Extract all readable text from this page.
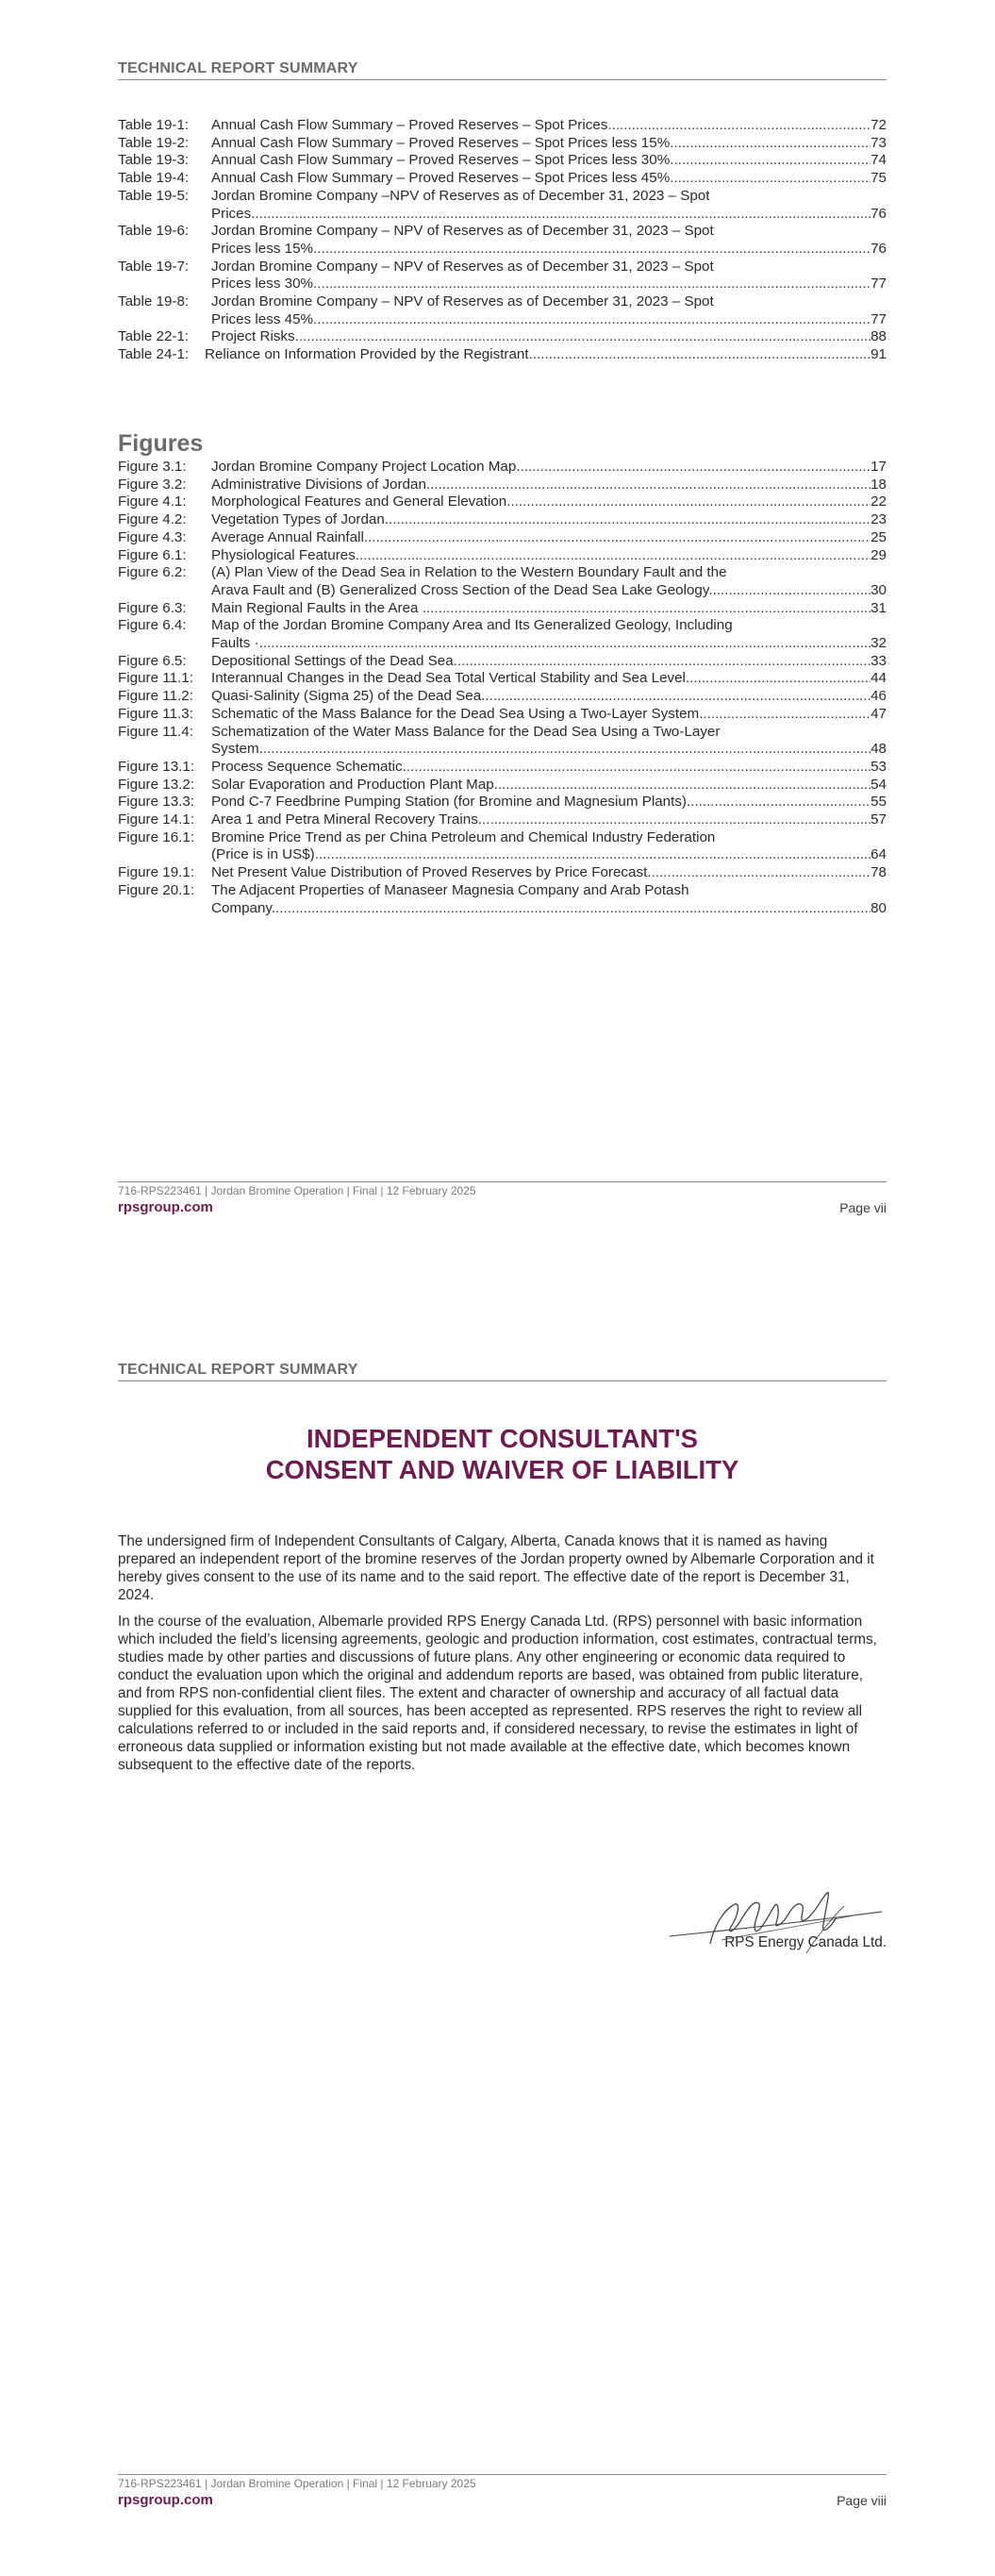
TECHNICAL REPORT SUMMARY
Table 19-1:	Annual Cash Flow Summary – Proved Reserves – Spot Prices .....	72
Table 19-2:	Annual Cash Flow Summary – Proved Reserves – Spot Prices less 15% .....	73
Table 19-3:	Annual Cash Flow Summary – Proved Reserves – Spot Prices less 30% .....	74
Table 19-4:	Annual Cash Flow Summary – Proved Reserves – Spot Prices less 45% .....	75
Table 19-5:	Jordan Bromine Company –NPV of Reserves as of December 31, 2023 – Spot
Prices .....	76
Table 19-6:	Jordan Bromine Company – NPV of Reserves as of December 31, 2023 – Spot
Prices less 15% .....	76
Table 19-7:	Jordan Bromine Company – NPV of Reserves as of December 31, 2023 – Spot
Prices less 30% .....	77
Table 19-8:	Jordan Bromine Company – NPV of Reserves as of December 31, 2023 – Spot
Prices less 45% .....	77
Table 22-1:	Project Risks .....	88
Table 24-1:	Reliance on Information Provided by the Registrant .....	91
Figures
Figure 3.1:	Jordan Bromine Company Project Location Map. .....	17
Figure 3.2:	Administrative Divisions of Jordan. .....	18
Figure 4.1:	Morphological Features and General Elevation. .....	22
Figure 4.2:	Vegetation Types of Jordan. .....	23
Figure 4.3:	Average Annual Rainfall .....	25
Figure 6.1:	Physiological Features. .....	29
Figure 6.2:	(A) Plan View of the Dead Sea in Relation to the Western Boundary Fault and the
Arava Fault and (B) Generalized Cross Section of the Dead Sea Lake Geology. .....	30
Figure 6.3:	Main Regional Faults in the Area . .....	31
Figure 6.4:	Map of the Jordan Bromine Company Area and Its Generalized Geology, Including
Faults ·. .....	32
Figure 6.5:	Depositional Settings of the Dead Sea .....	33
Figure 11.1:	Interannual Changes in the Dead Sea Total Vertical Stability and Sea Level .....	44
Figure 11.2:	Quasi-Salinity (Sigma 25) of the Dead Sea. .....	46
Figure 11.3:	Schematic of the Mass Balance for the Dead Sea Using a Two-Layer System. .....	47
Figure 11.4:	Schematization of the Water Mass Balance for the Dead Sea Using a Two-Layer
System. .....	48
Figure 13.1:	Process Sequence Schematic. .....	53
Figure 13.2:	Solar Evaporation and Production Plant Map. .....	54
Figure 13.3:	Pond C-7 Feedbrine Pumping Station (for Bromine and Magnesium Plants). .....	55
Figure 14.1:	Area 1 and Petra Mineral Recovery Trains. .....	57
Figure 16.1:	Bromine Price Trend as per China Petroleum and Chemical Industry Federation
(Price is in US$) .....	64
Figure 19.1:	Net Present Value Distribution of Proved Reserves by Price Forecast. .....	78
Figure 20.1:	The Adjacent Properties of Manaseer Magnesia Company and Arab Potash
Company. .....	80
716-RPS223461 | Jordan Bromine Operation | Final | 12 February 2025
rpsgroup.com	Page vii
TECHNICAL REPORT SUMMARY
INDEPENDENT CONSULTANT'S
CONSENT AND WAIVER OF LIABILITY

The undersigned firm of Independent Consultants of Calgary, Alberta, Canada knows that it is named as having prepared an independent report of the bromine reserves of the Jordan property owned by Albemarle Corporation and it hereby gives consent to the use of its name and to the said report. The effective date of the report is December 31, 2024.

In the course of the evaluation, Albemarle provided RPS Energy Canada Ltd. (RPS) personnel with basic information which included the field’s licensing agreements, geologic and production information, cost estimates, contractual terms, studies made by other parties and discussions of future plans. Any other engineering or economic data required to conduct the evaluation upon which the original and addendum reports are based, was obtained from public literature, and from RPS non-confidential client files. The extent and character of ownership and accuracy of all factual data supplied for this evaluation, from all sources, has been accepted as represented. RPS reserves the right to review all calculations referred to or included in the said reports and, if considered necessary, to revise the estimates in light of erroneous data supplied or information existing but not made available at the effective date, which becomes known subsequent to the effective date of the reports.

RPS Energy Canada Ltd.
716-RPS223461 | Jordan Bromine Operation | Final | 12 February 2025
rpsgroup.com	Page viii
